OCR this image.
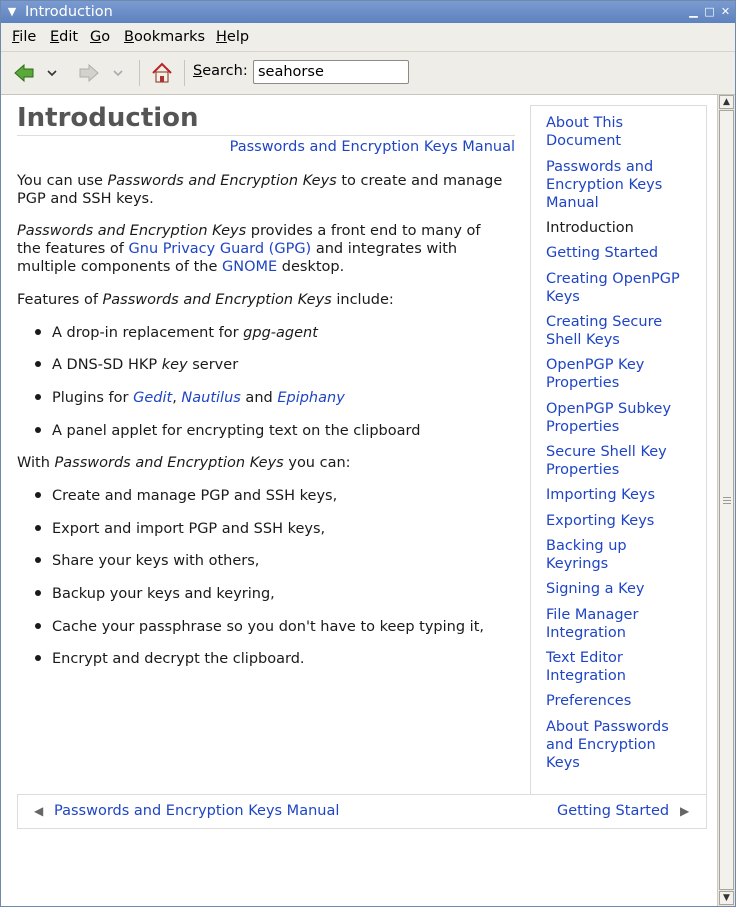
▼ Introduction	▁ □ ✕
File Edit Go Bookmarks Help
Search:
seahorse
Introduction
Passwords and Encryption Keys Manual
You can use Passwords and Encryption Keys to create and manage
PGP and SSH keys.
Passwords and Encryption Keys provides a front end to many of
the features of Gnu Privacy Guard (GPG) and integrates with
multiple components of the GNOME desktop.
Features of Passwords and Encryption Keys include:
A drop-in replacement for gpg-agent
A DNS-SD HKP key server
Plugins for Gedit, Nautilus and Epiphany
A panel applet for encrypting text on the clipboard
With Passwords and Encryption Keys you can:
Create and manage PGP and SSH keys,
Export and import PGP and SSH keys,
Share your keys with others,
Backup your keys and keyring,
Cache your passphrase so you don't have to keep typing it,
Encrypt and decrypt the clipboard.
About This
Document
Passwords and
Encryption Keys
Manual
Introduction
Getting Started
Creating OpenPGP
Keys
Creating Secure
Shell Keys
OpenPGP Key
Properties
OpenPGP Subkey
Properties
Secure Shell Key
Properties
Importing Keys
Exporting Keys
Backing up
Keyrings
Signing a Key
File Manager
Integration
Text Editor
Integration
Preferences
About Passwords
and Encryption
Keys
◀ Passwords and Encryption Keys Manual	Getting Started ▶
▲
▼
